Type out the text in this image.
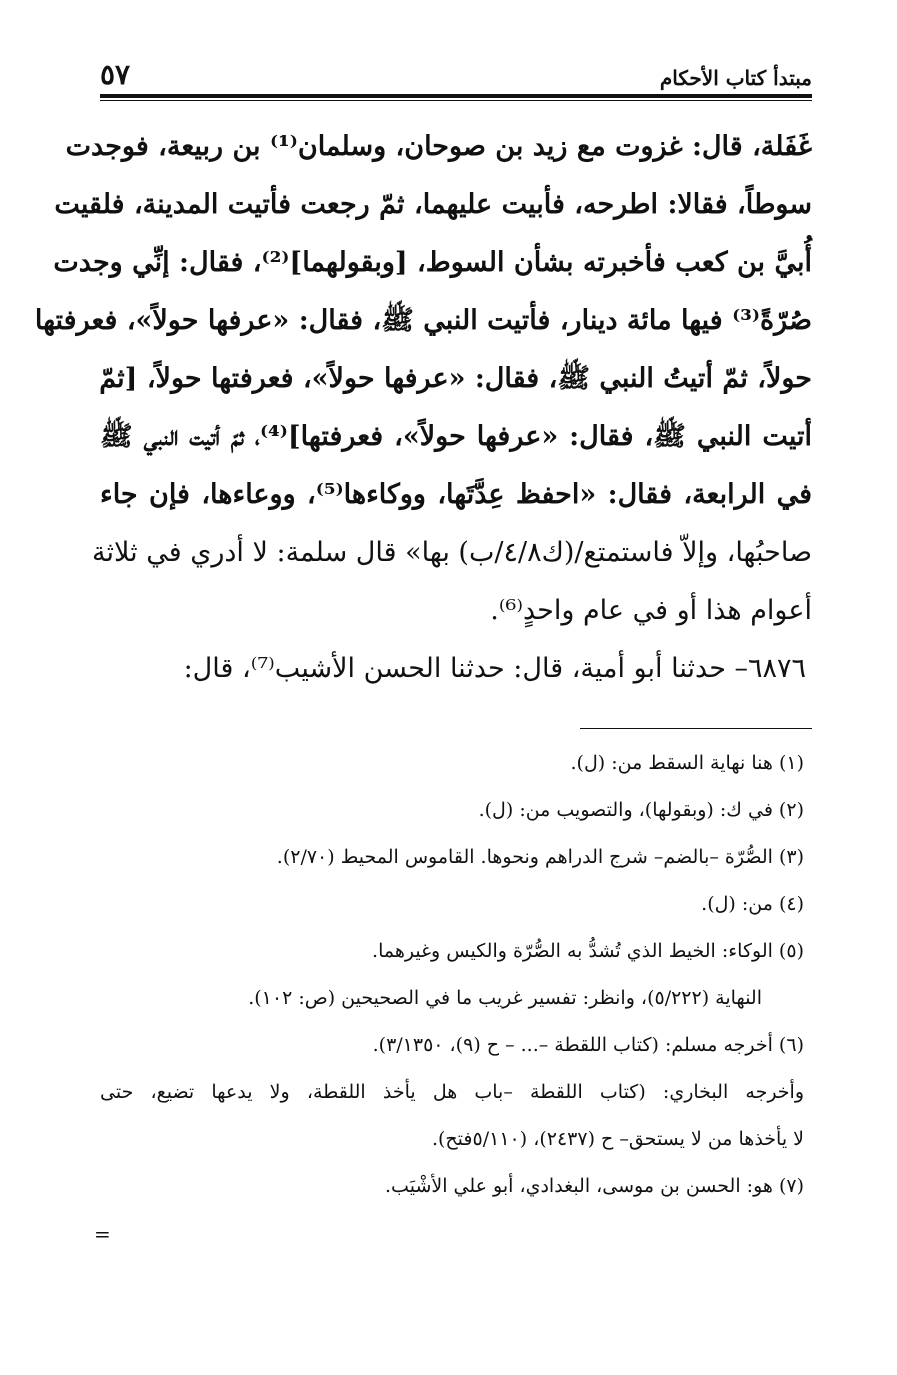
٥٧	مبتدأ كتاب الأحكام
غَفَلة، قال: غزوت مع زيد بن صوحان، وسلمان⁽¹⁾ بن ربيعة، فوجدت
سوطاً، فقالا: اطرحه، فأبيت عليهما، ثمّ رجعت فأتيت المدينة، فلقيت
أُبيَّ بن كعب فأخبرته بشأن السوط، [وبقولهما]⁽²⁾، فقال: إنِّي وجدت
صُرّةً⁽³⁾ فيها مائة دينار، فأتيت النبي ﷺ، فقال: «عرفها حولاً»، فعرفتها
حولاً، ثمّ أتيتُ النبي ﷺ، فقال: «عرفها حولاً»، فعرفتها حولاً، [ثمّ
أتيت النبي ﷺ، فقال: «عرفها حولاً»، فعرفتها]⁽⁴⁾، ثمّ أتيت النبي ﷺ
في الرابعة، فقال: «احفظ عِدَّتَها، ووكاءها⁽⁵⁾، ووعاءها، فإن جاء
صاحبُها، وإلاّ فاستمتع/(ك٤/٨/ب) بها» قال سلمة: لا أدري في ثلاثة
أعوام هذا أو في عام واحدٍ⁽⁶⁾.
٦٨٧٦– حدثنا أبو أمية، قال: حدثنا الحسن الأشيب⁽⁷⁾، قال:
(١) هنا نهاية السقط من: (ل).
(٢) في ك: (وبقولها)، والتصويب من: (ل).
(٣) الصُّرّة –بالضم– شرج الدراهم ونحوها. القاموس المحيط (٢/٧٠).
(٤) من: (ل).
(٥) الوكاء: الخيط الذي تُشدُّ به الصُّرّة والكيس وغيرهما.
النهاية (٥/٢٢٢)، وانظر: تفسير غريب ما في الصحيحين (ص: ١٠٢).
(٦) أخرجه مسلم: (كتاب اللقطة –... – ح (٩)، ٣/١٣٥٠).
وأخرجه البخاري: (كتاب اللقطة –باب هل يأخذ اللقطة، ولا يدعها تضيع، حتى
لا يأخذها من لا يستحق– ح (٢٤٣٧)، (٥/١١٠فتح).
(٧) هو: الحسن بن موسى، البغدادي، أبو علي الأشْيَب.
=
